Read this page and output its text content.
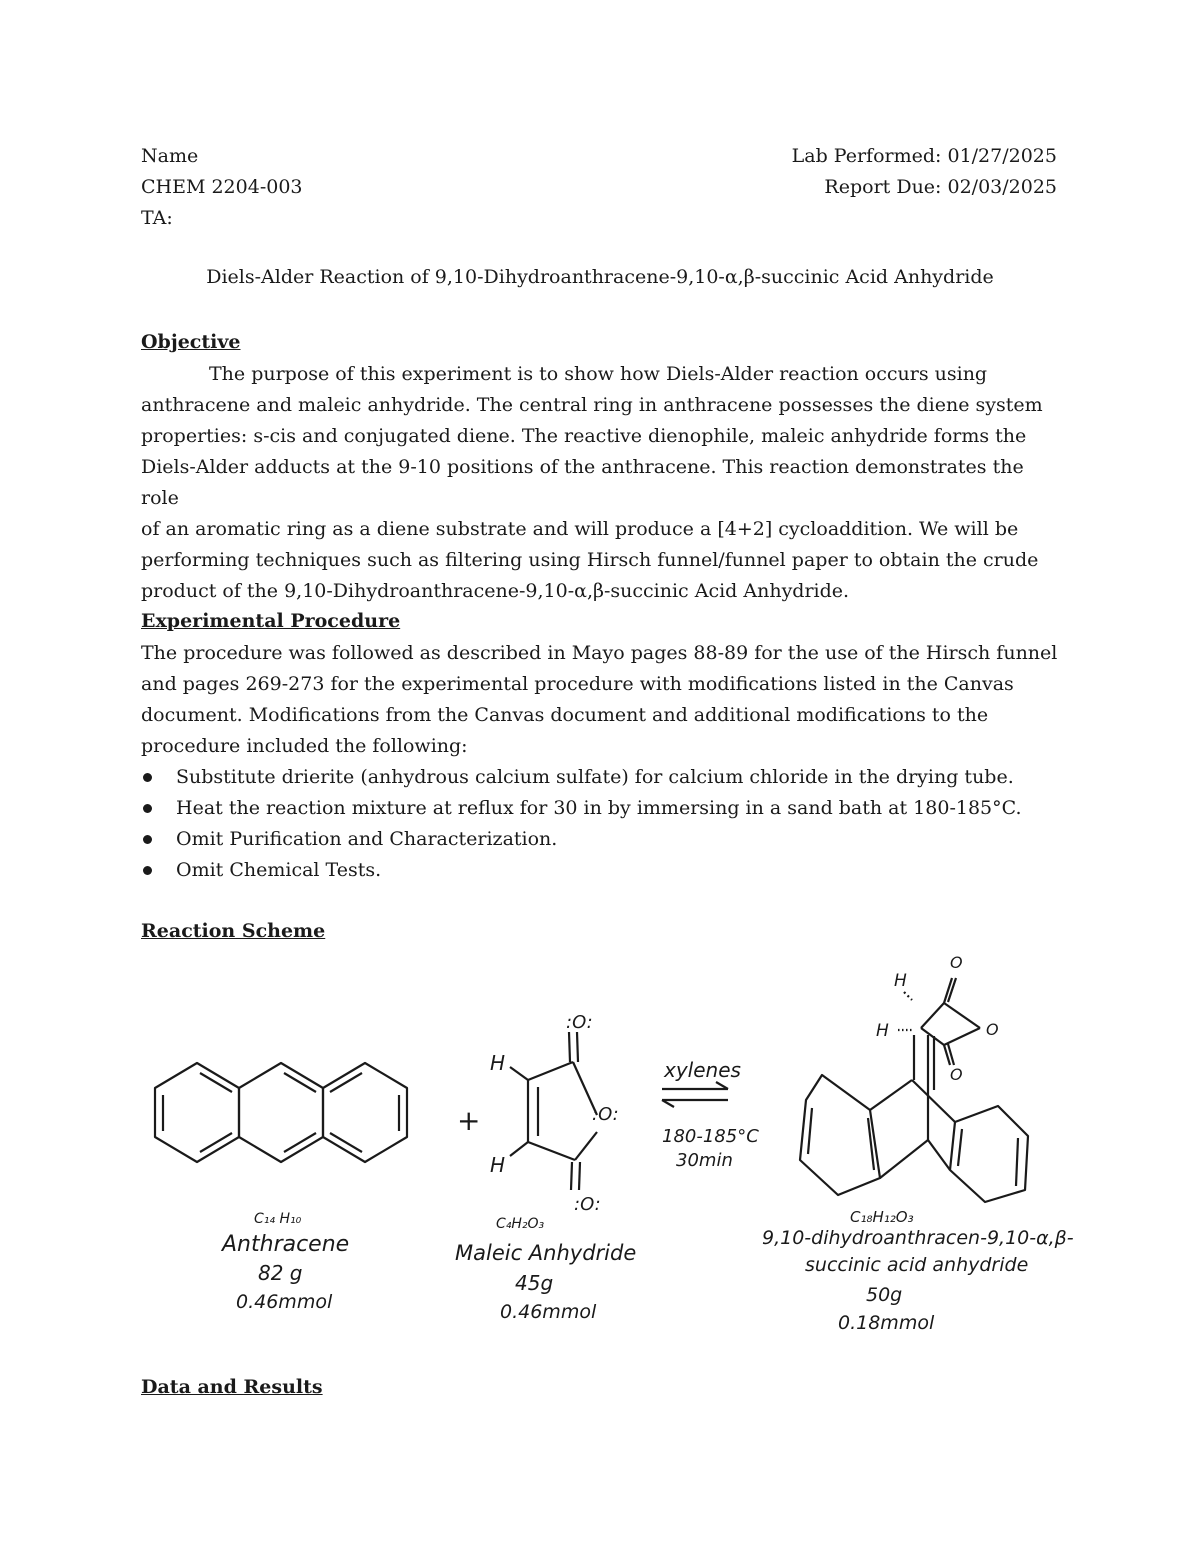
Name
CHEM 2204-003
TA:
Lab Performed: 01/27/2025
Report Due: 02/03/2025
Diels-Alder Reaction of 9,10-Dihydroanthracene-9,10-α,β-succinic Acid Anhydride
Objective
The purpose of this experiment is to show how Diels-Alder reaction occurs using
anthracene and maleic anhydride. The central ring in anthracene possesses the diene system
properties: s-cis and conjugated diene. The reactive dienophile, maleic anhydride forms the
Diels-Alder adducts at the 9-10 positions of the anthracene. This reaction demonstrates the role
of an aromatic ring as a diene substrate and will produce a [4+2] cycloaddition. We will be
performing techniques such as filtering using Hirsch funnel/funnel paper to obtain the crude
product of the 9,10-Dihydroanthracene-9,10-α,β-succinic Acid Anhydride.
Experimental Procedure
The procedure was followed as described in Mayo pages 88-89 for the use of the Hirsch funnel
and pages 269-273 for the experimental procedure with modifications listed in the Canvas
document. Modifications from the Canvas document and additional modifications to the
procedure included the following:
Substitute drierite (anhydrous calcium sulfate) for calcium chloride in the drying tube.
Heat the reaction mixture at reflux for 30 in by immersing in a sand bath at 180-185°C.
Omit Purification and Characterization.
Omit Chemical Tests.
Reaction Scheme
H
H
:O:
:O:
:O:
H
H
O
O
O
+
xylenes
180-185°C
30min
C₁₄ H₁₀
Anthracene
82 g
0.46mmol
C₄H₂O₃
Maleic Anhydride
45g
0.46mmol
C₁₈H₁₂O₃
9,10-dihydroanthracen-9,10-α,β-
succinic acid anhydride
50g
0.18mmol
Data and Results
